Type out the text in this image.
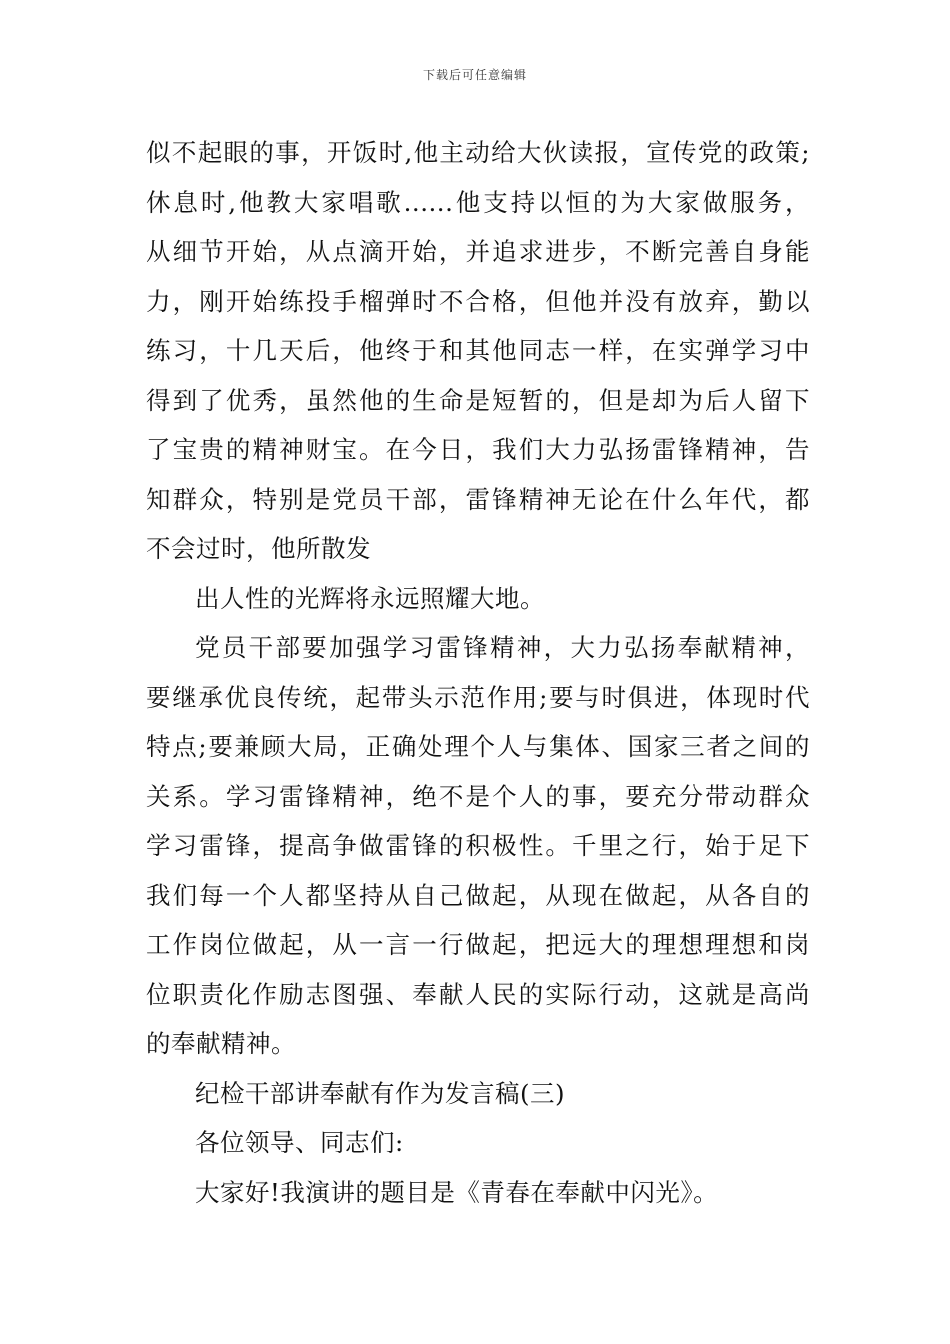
下载后可任意编辑
似不起眼的事，开饭时,他主动给大伙读报，宣传党的政策;
休息时,他教大家唱歌......他支持以恒的为大家做服务，
从细节开始，从点滴开始，并追求进步，不断完善自身能
力，刚开始练投手榴弹时不合格，但他并没有放弃，勤以
练习，十几天后，他终于和其他同志一样，在实弹学习中
得到了优秀，虽然他的生命是短暂的，但是却为后人留下
了宝贵的精神财宝。在今日，我们大力弘扬雷锋精神，告
知群众，特别是党员干部，雷锋精神无论在什么年代，都
不会过时，他所散发
出人性的光辉将永远照耀大地。
党员干部要加强学习雷锋精神，大力弘扬奉献精神，
要继承优良传统，起带头示范作用;要与时俱进，体现时代
特点;要兼顾大局，正确处理个人与集体、国家三者之间的
关系。学习雷锋精神，绝不是个人的事，要充分带动群众
学习雷锋，提高争做雷锋的积极性。千里之行，始于足下
我们每一个人都坚持从自己做起，从现在做起，从各自的
工作岗位做起，从一言一行做起，把远大的理想理想和岗
位职责化作励志图强、奉献人民的实际行动，这就是高尚
的奉献精神。
纪检干部讲奉献有作为发言稿(三)
各位领导、同志们:
大家好!我演讲的题目是《青春在奉献中闪光》。
